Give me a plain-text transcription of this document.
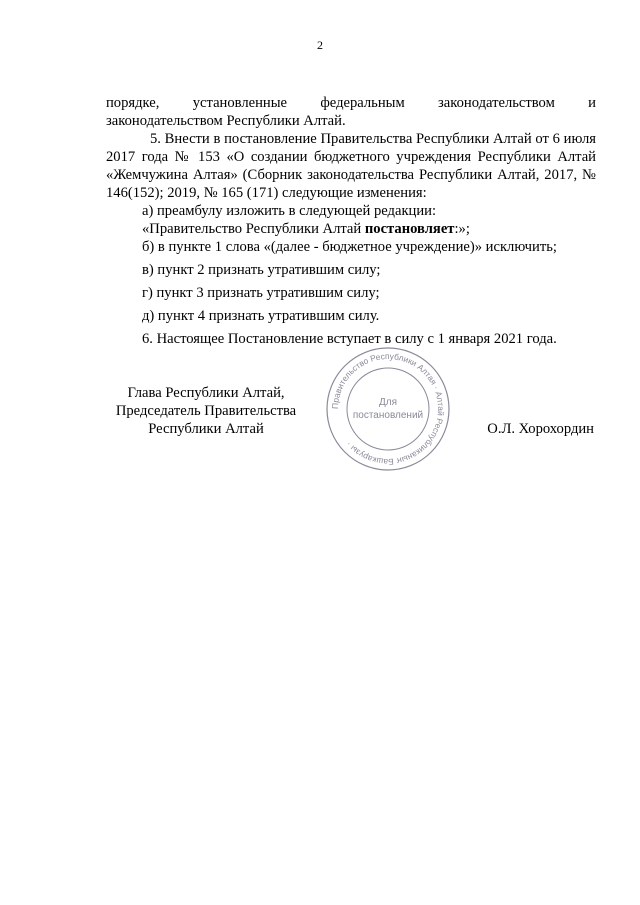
2
порядке, установленные федеральным законодательством и

законодательством Республики Алтай.

5. Внести в постановление Правительства Республики Алтай от 6 июля 2017 года № 153 «О создании бюджетного учреждения Республики Алтай «Жемчужина Алтая» (Сборник законодательства Республики Алтай, 2017, № 146(152); 2019, № 165 (171) следующие изменения:

а) преамбулу изложить в следующей редакции:

«Правительство Республики Алтай постановляет:»;

б) в пункте 1 слова «(далее - бюджетное учреждение)» исключить;

в) пункт 2 признать утратившим силу;

г) пункт 3 признать утратившим силу;

д) пункт 4 признать утратившим силу.

6. Настоящее Постановление вступает в силу с 1 января 2021 года.

Глава Республики Алтай,
Председатель Правительства
Республики Алтай	О.Л. Хорохордин
Правительство Республики Алтая · Алтай Республиканыҥ Башкарузы ·
Для
постановлений
